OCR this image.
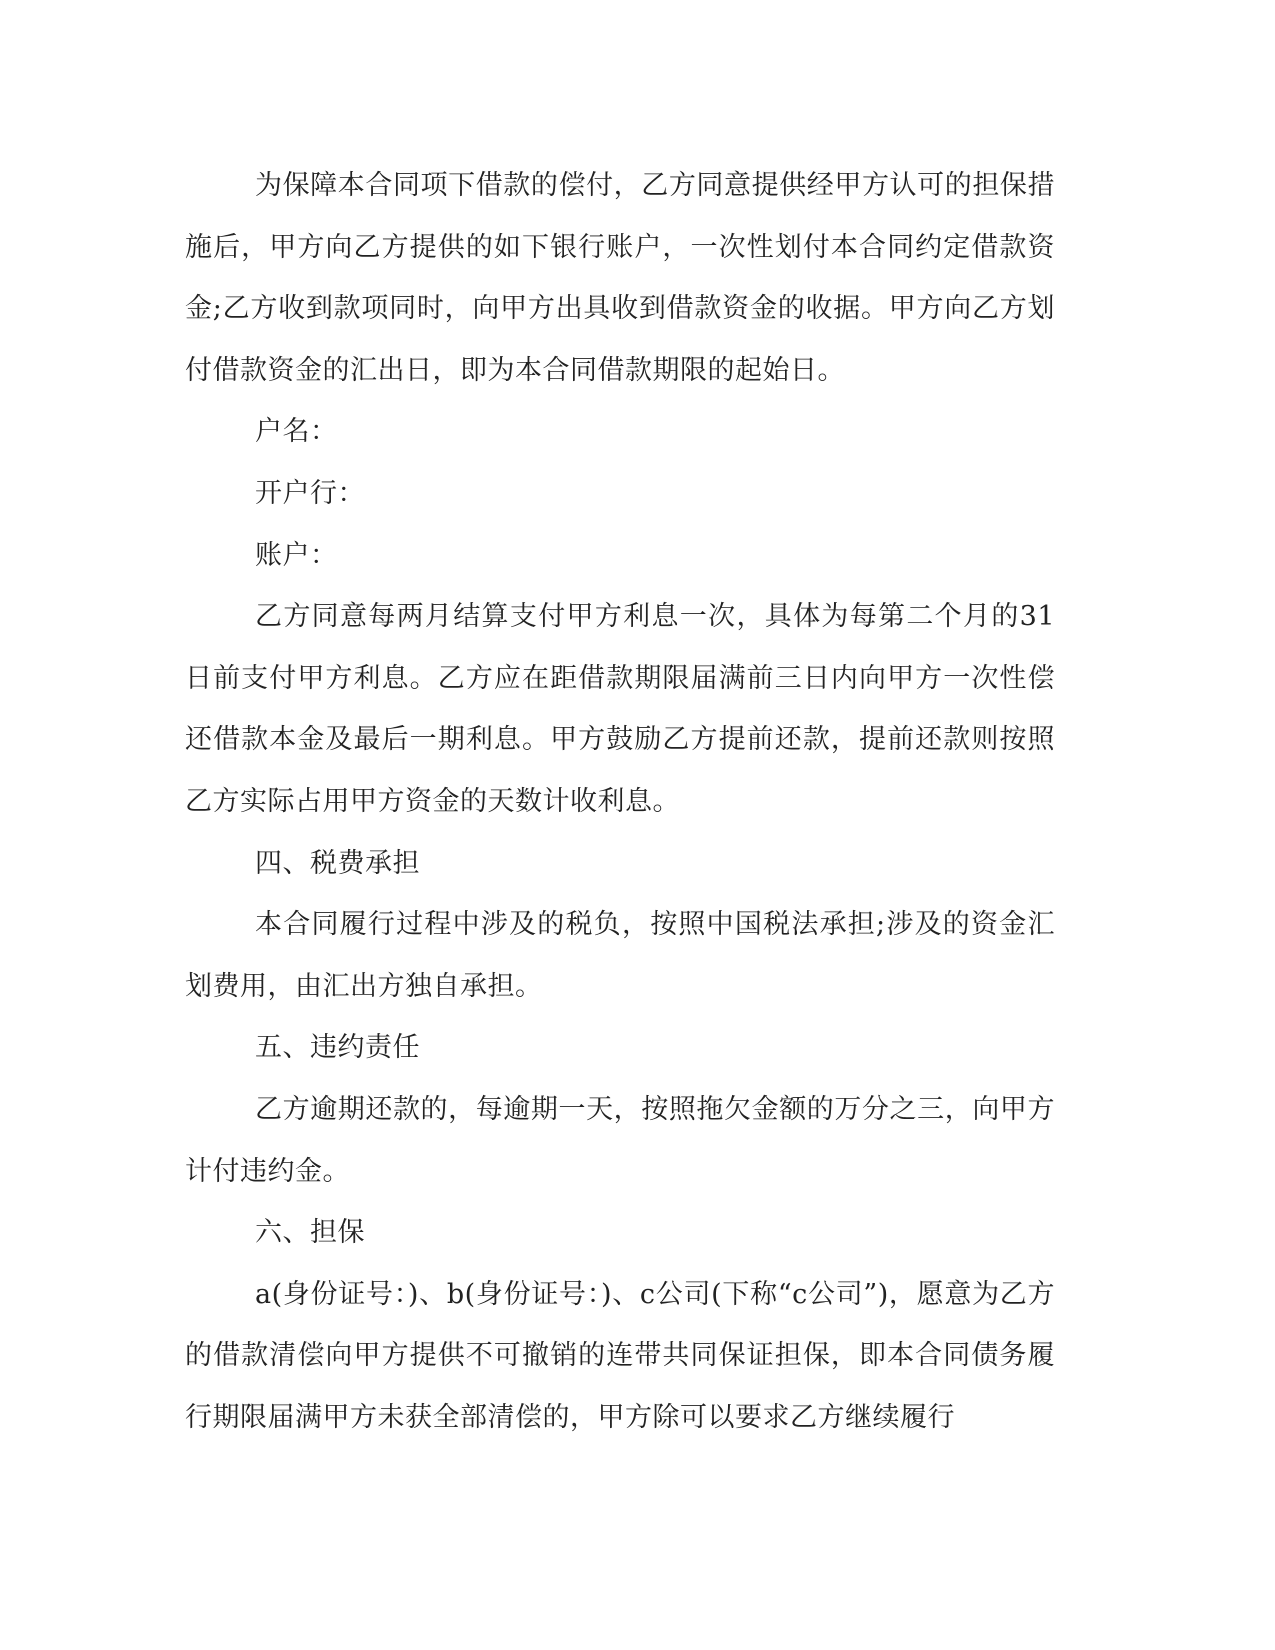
为保障本合同项下借款的偿付，乙方同意提供经甲方认可的担保措施后，甲方向乙方提供的如下银行账户，一次性划付本合同约定借款资金;乙方收到款项同时，向甲方出具收到借款资金的收据。甲方向乙方划付借款资金的汇出日，即为本合同借款期限的起始日。

户名：

开户行：

账户：

乙方同意每两月结算支付甲方利息一次，具体为每第二个月的31日前支付甲方利息。乙方应在距借款期限届满前三日内向甲方一次性偿还借款本金及最后一期利息。甲方鼓励乙方提前还款，提前还款则按照乙方实际占用甲方资金的天数计收利息。

四、税费承担

本合同履行过程中涉及的税负，按照中国税法承担;涉及的资金汇划费用，由汇出方独自承担。

五、违约责任

乙方逾期还款的，每逾期一天，按照拖欠金额的万分之三，向甲方计付违约金。

六、担保

a(身份证号：)、b(身份证号：)、c公司(下称“c公司”)，愿意为乙方的借款清偿向甲方提供不可撤销的连带共同保证担保，即本合同债务履行期限届满甲方未获全部清偿的，甲方除可以要求乙方继续履行
